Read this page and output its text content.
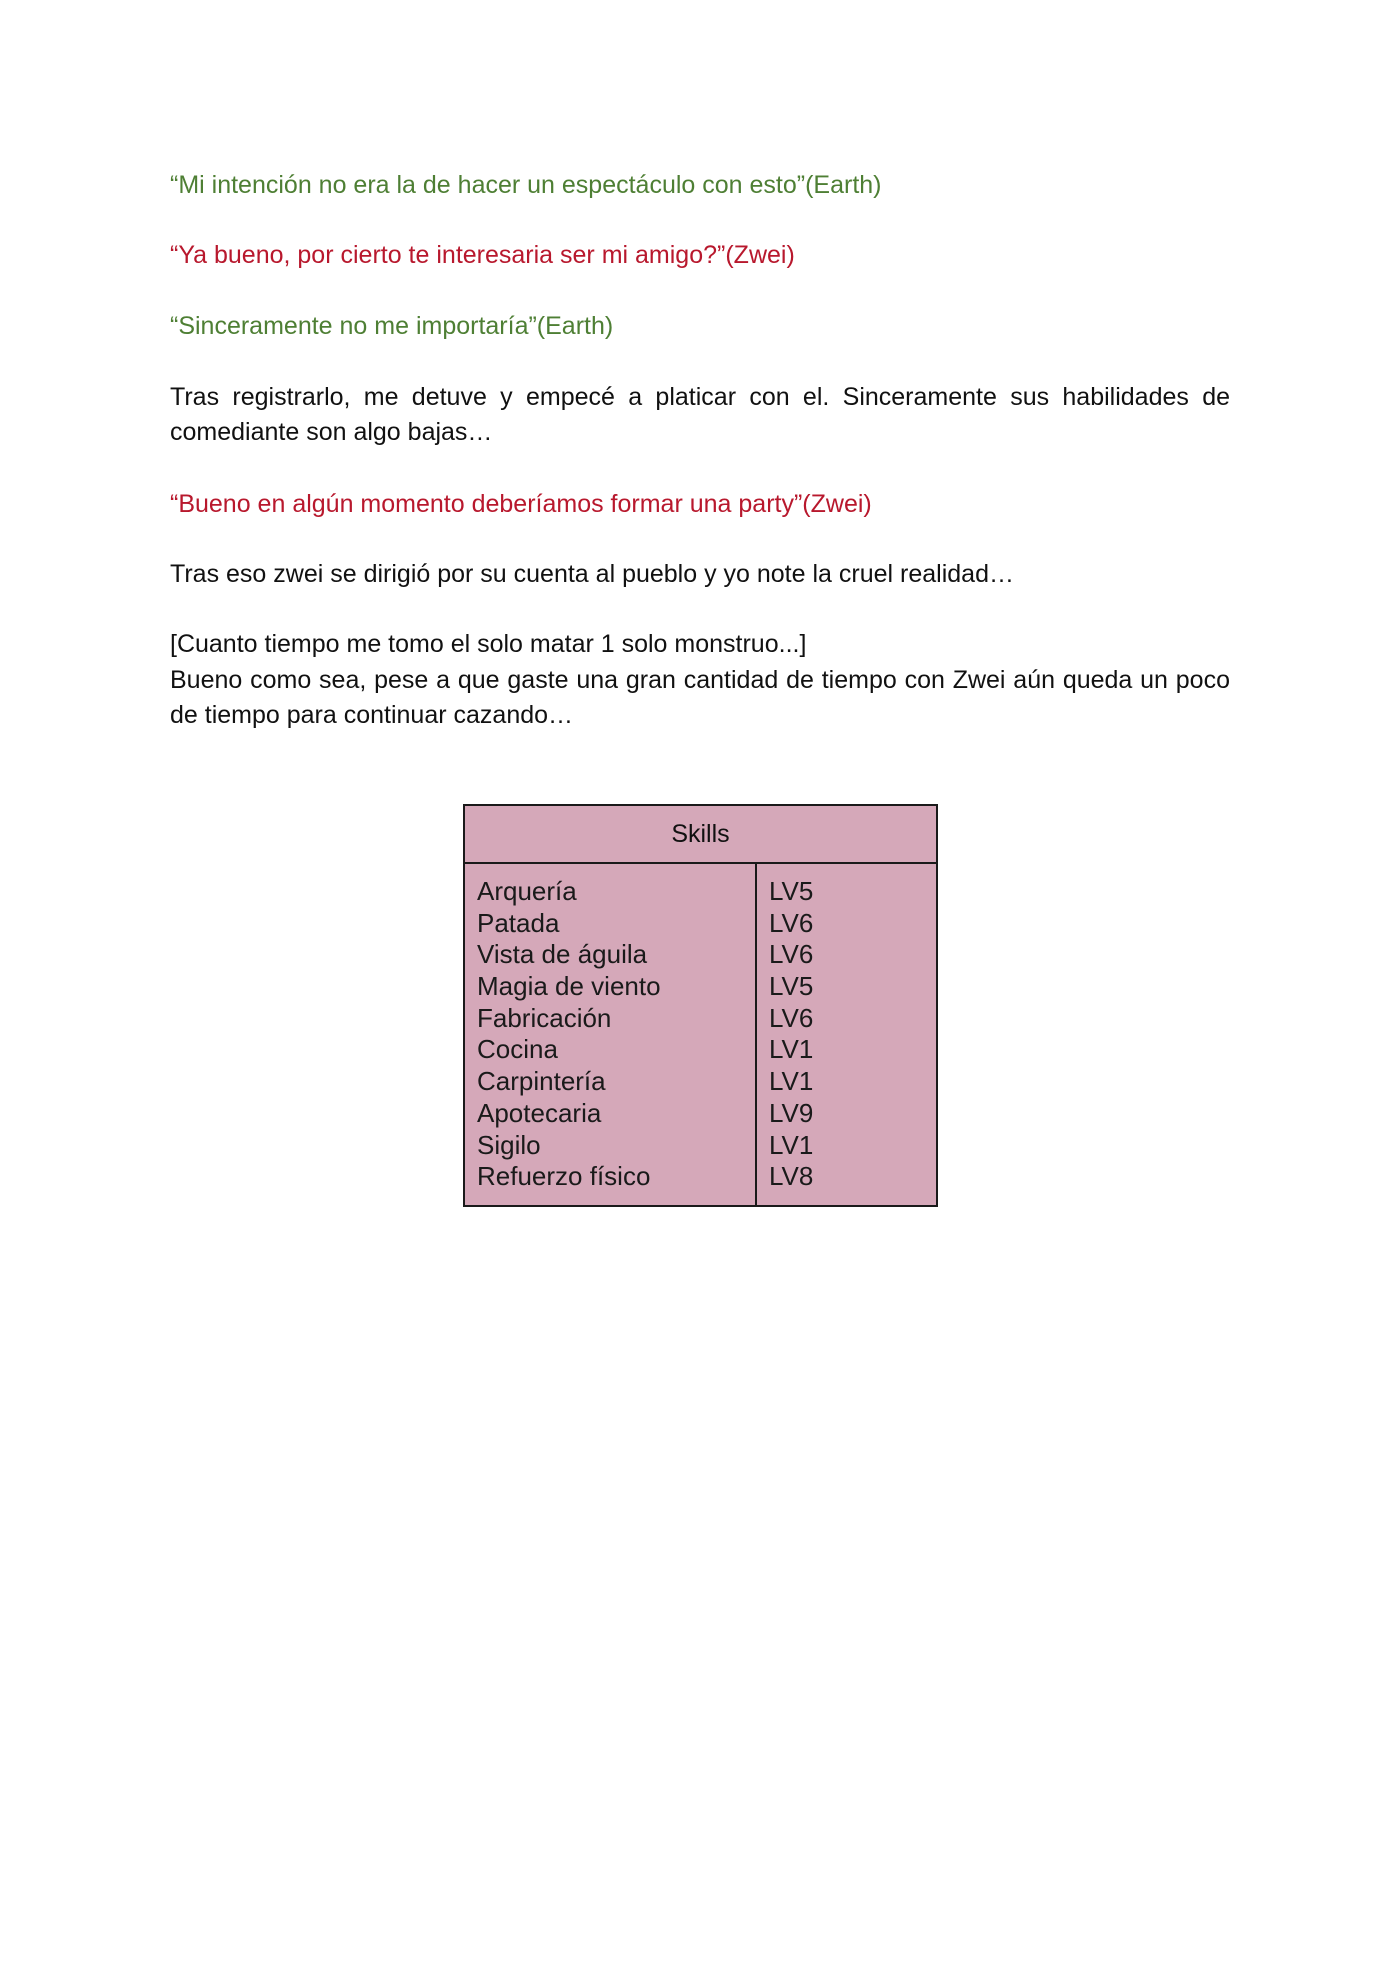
“Mi intención no era la de hacer un espectáculo con esto”(Earth)

“Ya bueno, por cierto te interesaria ser mi amigo?”(Zwei)

“Sinceramente no me importaría”(Earth)

Tras registrarlo, me detuve y empecé a platicar con el. Sinceramente sus habilidades de comediante son algo bajas…

“Bueno en algún momento deberíamos formar una party”(Zwei)

Tras eso zwei se dirigió por su cuenta al pueblo y yo note la cruel realidad…

[Cuanto tiempo me tomo el solo matar 1 solo monstruo...]

Bueno como sea, pese a que gaste una gran cantidad de tiempo con Zwei aún queda un poco de tiempo para continuar cazando…

Skills
Arquería
Patada
Vista de águila
Magia de viento
Fabricación
Cocina
Carpintería
Apotecaria
Sigilo
Refuerzo físico
LV5
LV6
LV6
LV5
LV6
LV1
LV1
LV9
LV1
LV8
